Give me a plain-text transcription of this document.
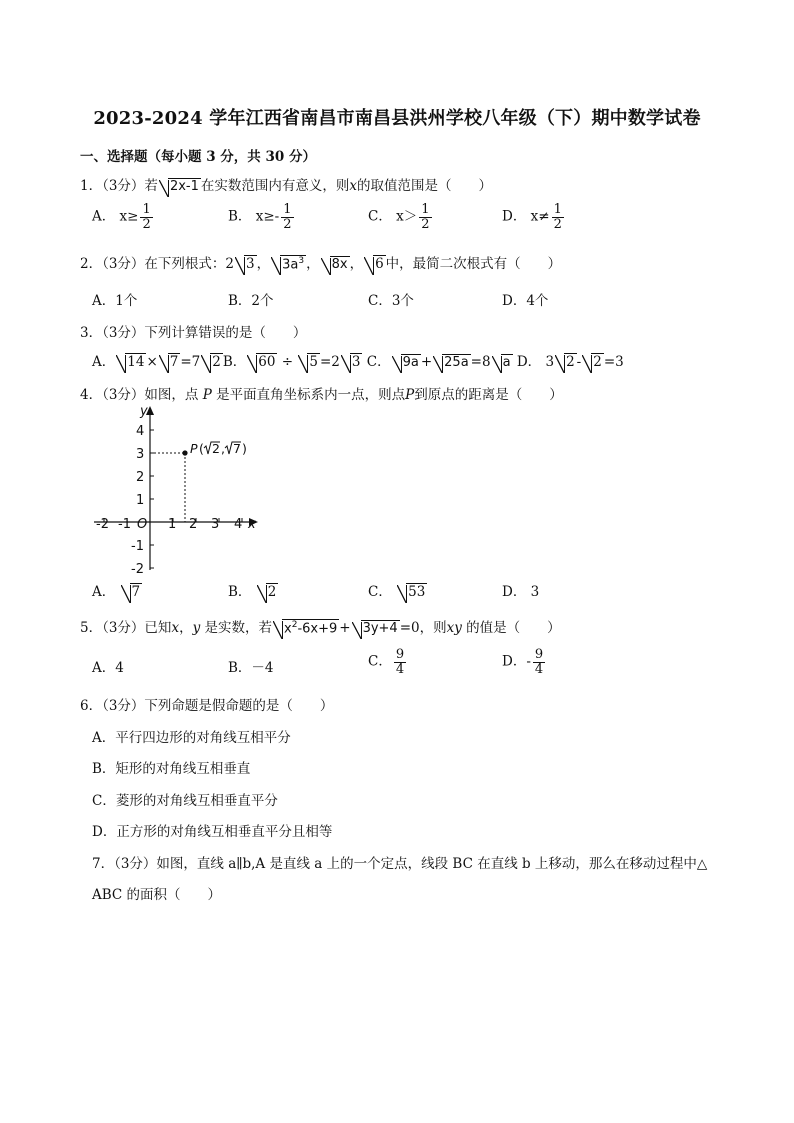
2023-2024 学年江西省南昌市南昌县洪州学校八年级（下）期中数学试卷
一、选择题（每小题 3 分，共 30 分）
1．（3分）若 2x-1 在实数范围内有意义，则x的取值范围是（　　）
A． $x\ge \frac{1}{2}$	B． $x\ge- \frac{1}{2}$	C． $x> \frac{1}{2}$	D． $x\ne \frac{1}{2}$
2．（3分）在下列根式：2 3 ， $3a^3$ ， 8x ， 6 中，最简二次根式有（　　）
A．1个	B．2个	C．3个	D．4个
3．（3分）下列计算错误的是（　　）
A． 14 × 7 =7 2 B． 60 ÷ 5 =2 3 C． 9a + 25a =8 a D． 3 2 - 2 =3
4．（3分）如图，点 P 是平面直角坐标系内一点，则点P到原点的距离是（　　）
-2 -1	1 2 3 4 x
4
3
2
1
-1
-2
y
O
P ( 2 , 7 )
A． 7	B． 2	C． 53	D． 3
5．（3分）已知x，y 是实数，若 $x^2-6x+9 + 3y+4 =0$，则xy 的值是（　　）
A．4	B．－4	C． $\frac{9}{4}$	D．- $\frac{9}{4}$
6．（3分）下列命题是假命题的是（　　）
A．平行四边形的对角线互相平分
B．矩形的对角线互相垂直
C．菱形的对角线互相垂直平分
D．正方形的对角线互相垂直平分且相等
7．（3分）如图，直线 a∥b,A 是直线 a 上的一个定点，线段 BC 在直线 b 上移动，那么在移动过程中△
ABC 的面积（　　）
